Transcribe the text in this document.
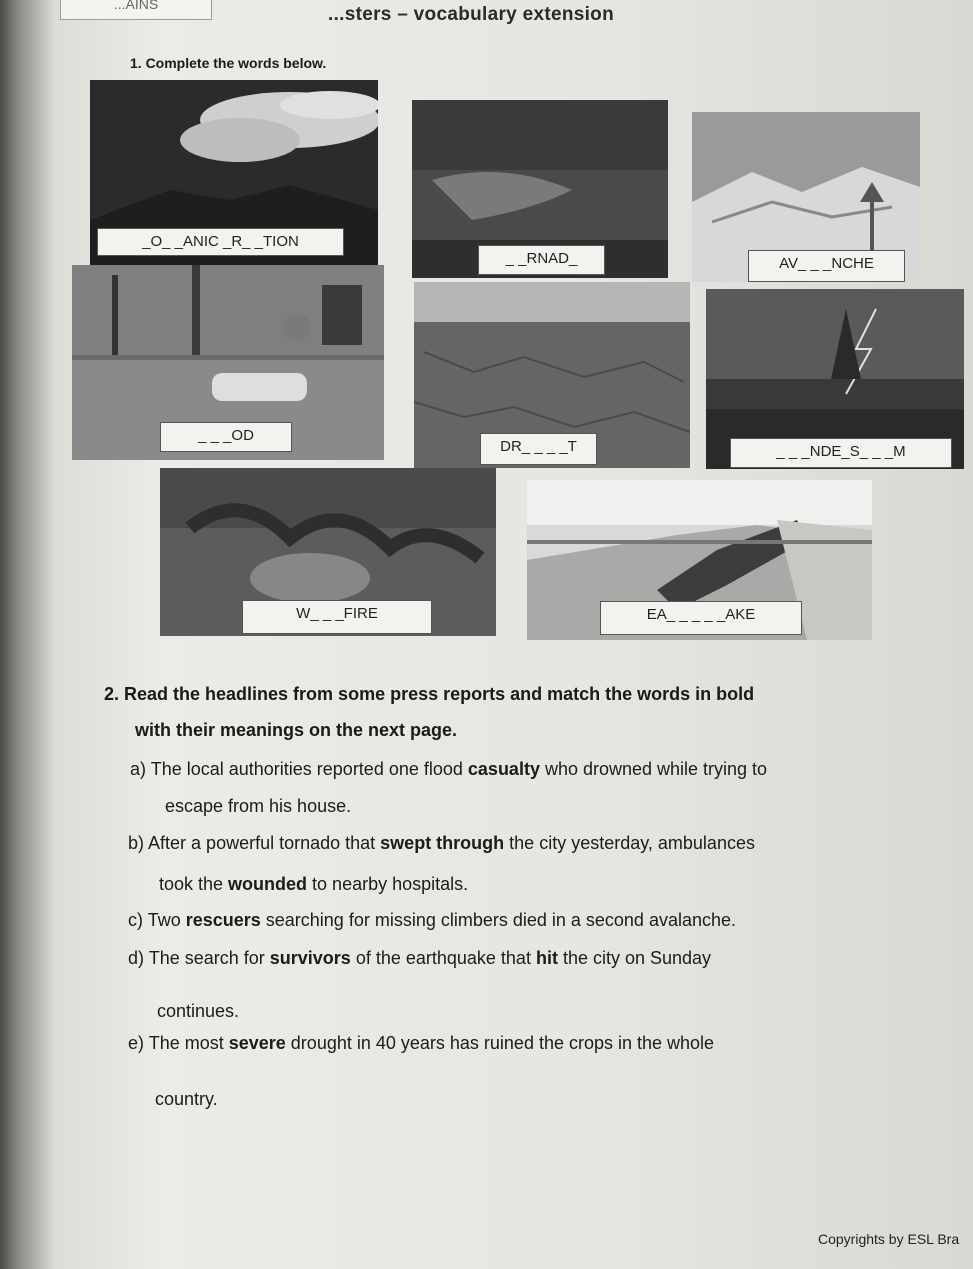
...AINS	...sters – vocabulary extension
1. Complete the words below.
_O_ _ANIC _R_ _TION
_ _RNAD_	AV_ _ _NCHE
_ _ _OD
DR_ _ _ _T	_ _ _NDE_S_ _ _M
W_ _ _FIRE	EA_ _ _ _ _AKE
2. Read the headlines from some press reports and match the words in bold
with their meanings on the next page.
a) The local authorities reported one flood casualty who drowned while trying to
escape from his house.
b) After a powerful tornado that swept through the city yesterday, ambulances
took the wounded to nearby hospitals.
c) Two rescuers searching for missing climbers died in a second avalanche.
d) The search for survivors of the earthquake that hit the city on Sunday
continues.
e) The most severe drought in 40 years has ruined the crops in the whole
country.
Copyrights by ESL Bra
